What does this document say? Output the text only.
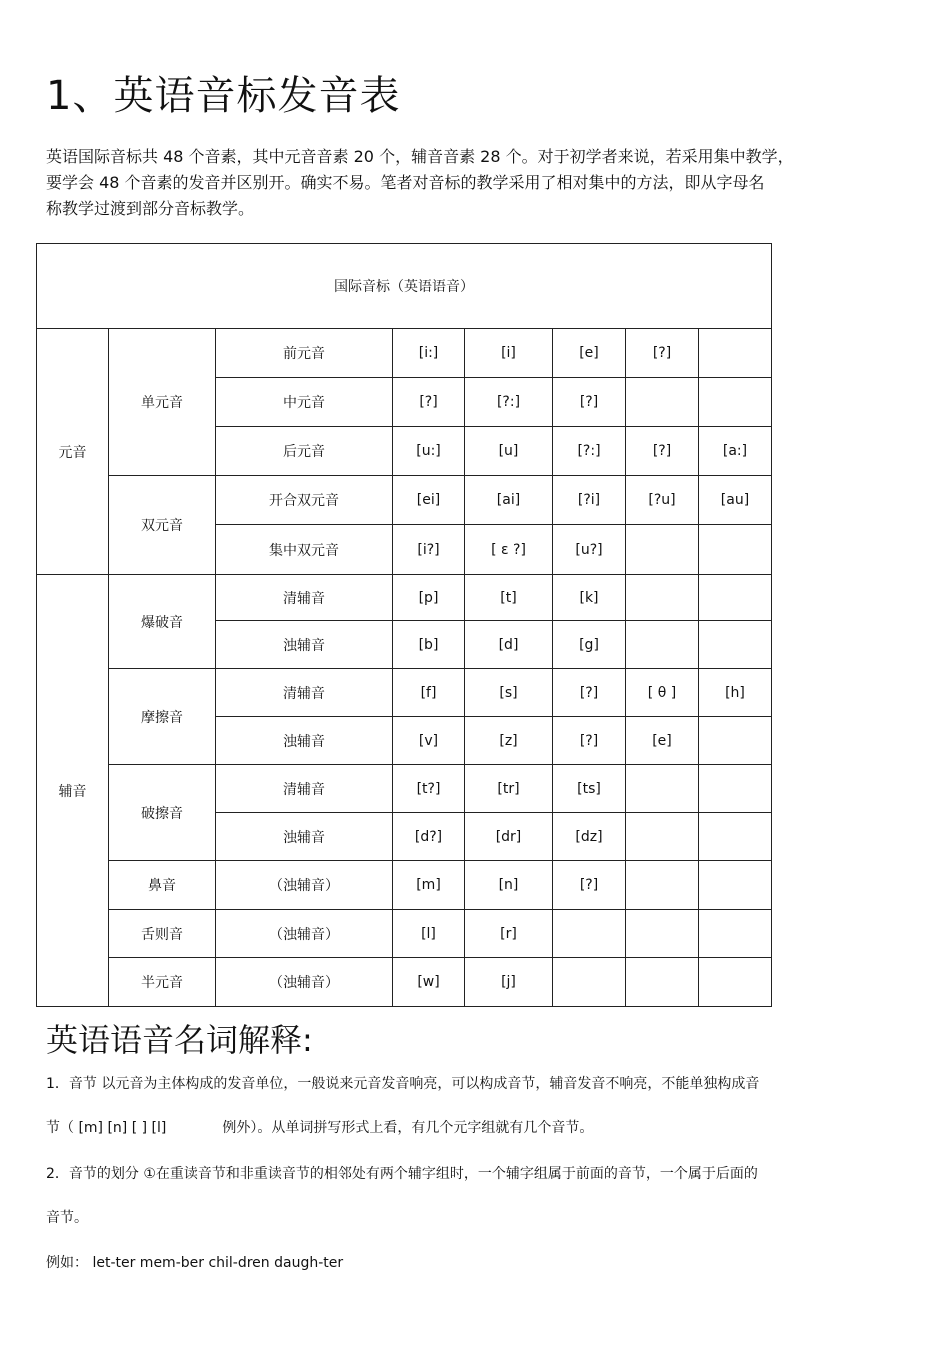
1、英语音标发音表
英语国际音标共 48 个音素，其中元音音素 20 个，辅音音素 28 个。对于初学者来说，若采用集中教学，
要学会 48 个音素的发音并区别开。确实不易。笔者对音标的教学采用了相对集中的方法，即从字母名
称教学过渡到部分音标教学。
国际音标（英语语音）							
元音	单元音	前元音	[i:]	[i]	[e]	[?]	
		中元音	[?]	[?:]	[?]		
		后元音	[u:]	[u]	[?:]	[?]	[a:]
	双元音	开合双元音	[ei]	[ai]	[?i]	[?u]	[au]
		集中双元音	[i?]	[ ε ?]	[u?]		
辅音	爆破音	清辅音	[p]	[t]	[k]		
		浊辅音	[b]	[d]	[g]		
	摩擦音	清辅音	[f]	[s]	[?]	[ θ ]	[h]
		浊辅音	[v]	[z]	[?]	[e]	
	破擦音	清辅音	[t?]	[tr]	[ts]		
		浊辅音	[d?]	[dr]	[dz]		
	鼻音	（浊辅音）	[m]	[n]	[?]		
	舌则音	（浊辅音）	[l]	[r]			
	半元音	（浊辅音）	[w]	[j]			
英语语音名词解释:

1．音节 以元音为主体构成的发音单位，一般说来元音发音响亮，可以构成音节，辅音发音不响亮，不能单独构成音

节（ [m] [n] [ ] [l]	例外）。从单词拼写形式上看，有几个元字组就有几个音节。

2．音节的划分 ①在重读音节和非重读音节的相邻处有两个辅字组时，一个辅字组属于前面的音节，一个属于后面的

音节。

例如： let-ter mem-ber chil-dren daugh-ter
